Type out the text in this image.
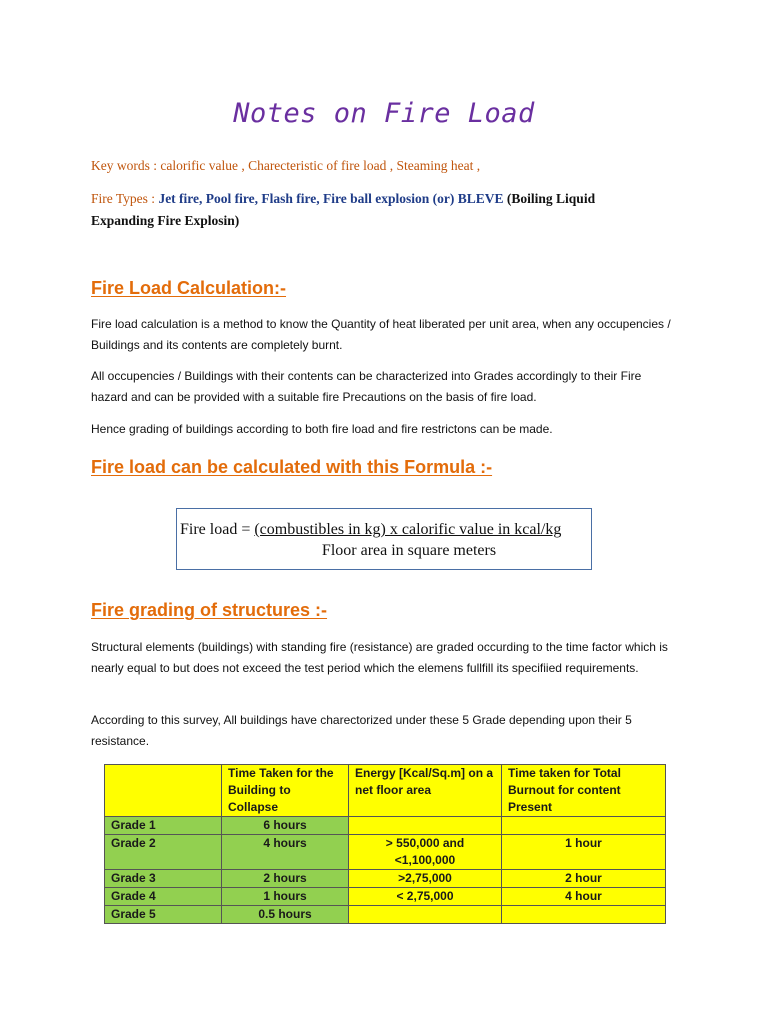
Notes on Fire Load
Key words : calorific value , Charecteristic of fire load , Steaming heat ,
Fire Types : Jet fire, Pool fire, Flash fire, Fire ball explosion (or) BLEVE (Boiling Liquid Expanding Fire Explosin)
Fire Load Calculation:-

Fire load calculation is a method to know the Quantity of heat liberated per unit area, when any occupencies / Buildings and its contents are completely burnt.

All occupencies / Buildings with their contents can be characterized into Grades accordingly to their Fire hazard and can be provided with a suitable fire Precautions on the basis of fire load.

Hence grading of buildings according to both fire load and fire restrictons can be made.

Fire load can be calculated with this Formula :-
Fire load = (combustibles in kg) x calorific value in kcal/kg
Floor area in square meters
Fire grading of structures :-

Structural elements (buildings) with standing fire (resistance) are graded occurding to the time factor which is nearly equal to but does not exceed the test period which the elemens fullfill its specifiied requirements.

According to this survey, All buildings have charectorized under these 5 Grade depending upon their 5 resistance.

	Time Taken for the Building to Collapse	Energy [Kcal/Sq.m] on a net floor area	Time taken for Total Burnout for content Present
Grade 1	6 hours		
Grade 2	4 hours	> 550,000 and <1,100,000	1 hour
Grade 3	2 hours	>2,75,000	2 hour
Grade 4	1 hours	< 2,75,000	4 hour
Grade 5	0.5 hours		
